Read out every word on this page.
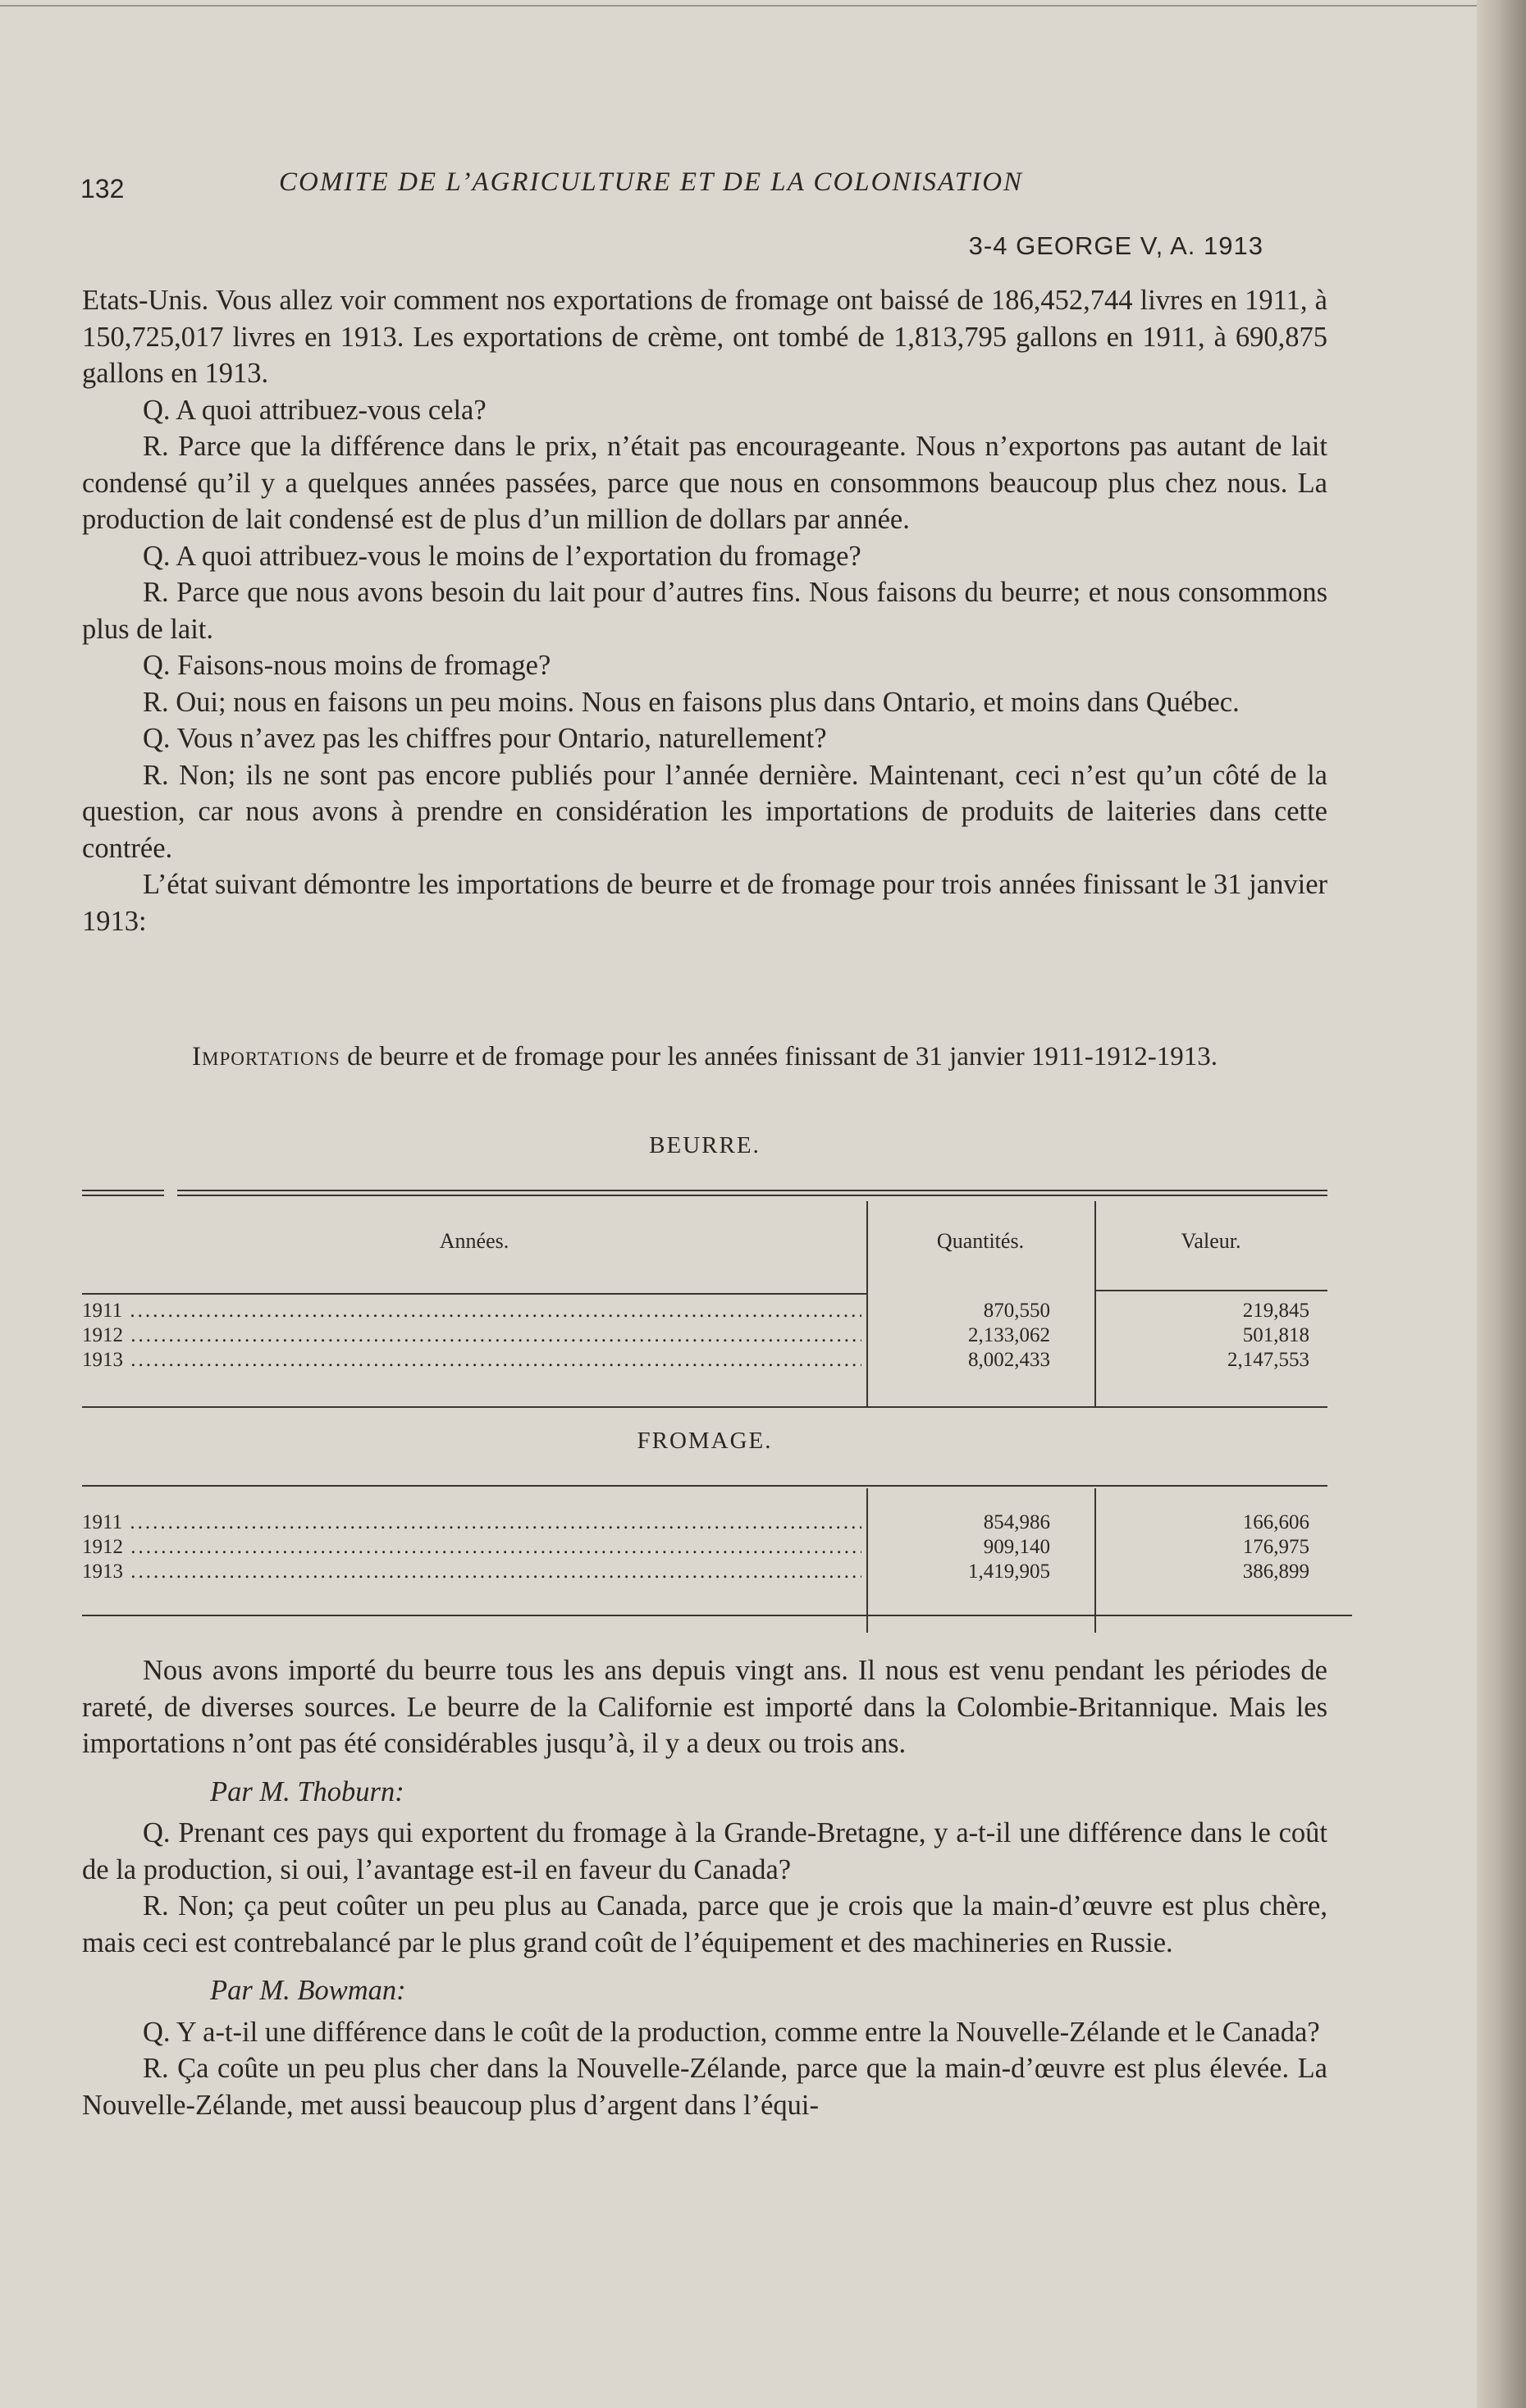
132	COMITE DE L’AGRICULTURE ET DE LA COLONISATION
3-4 GEORGE V, A. 1913

Etats-Unis. Vous allez voir comment nos exportations de fromage ont baissé de 186,452,744 livres en 1911, à 150,725,017 livres en 1913. Les exportations de crème, ont tombé de 1,813,795 gallons en 1911, à 690,875 gallons en 1913.

Q. A quoi attribuez-vous cela?

R. Parce que la différence dans le prix, n’était pas encourageante. Nous n’exportons pas autant de lait condensé qu’il y a quelques années passées, parce que nous en consommons beaucoup plus chez nous. La production de lait condensé est de plus d’un million de dollars par année.

Q. A quoi attribuez-vous le moins de l’exportation du fromage?

R. Parce que nous avons besoin du lait pour d’autres fins. Nous faisons du beurre; et nous consommons plus de lait.

Q. Faisons-nous moins de fromage?

R. Oui; nous en faisons un peu moins. Nous en faisons plus dans Ontario, et moins dans Québec.

Q. Vous n’avez pas les chiffres pour Ontario, naturellement?

R. Non; ils ne sont pas encore publiés pour l’année dernière. Maintenant, ceci n’est qu’un côté de la question, car nous avons à prendre en considération les importations de produits de laiteries dans cette contrée.

L’état suivant démontre les importations de beurre et de fromage pour trois années finissant le 31 janvier 1913:

Importations de beurre et de fromage pour les années finissant de 31 janvier 1911-1912-1913.
BEURRE.
Années.	Quantités.	Valeur.
1911 .....	870,550	219,845
1912 .....	2,133,062	501,818
1913 .....	8,002,433	2,147,553
FROMAGE.
1911 .....	854,986	166,606
1912 .....	909,140	176,975
1913 .....	1,419,905	386,899

Nous avons importé du beurre tous les ans depuis vingt ans. Il nous est venu pendant les périodes de rareté, de diverses sources. Le beurre de la Californie est importé dans la Colombie-Britannique. Mais les importations n’ont pas été considérables jusqu’à, il y a deux ou trois ans.

Par M. Thoburn:

Q. Prenant ces pays qui exportent du fromage à la Grande-Bretagne, y a-t-il une différence dans le coût de la production, si oui, l’avantage est-il en faveur du Canada?

R. Non; ça peut coûter un peu plus au Canada, parce que je crois que la main-d’œuvre est plus chère, mais ceci est contrebalancé par le plus grand coût de l’équipement et des machineries en Russie.

Par M. Bowman:

Q. Y a-t-il une différence dans le coût de la production, comme entre la Nouvelle-Zélande et le Canada?

R. Ça coûte un peu plus cher dans la Nouvelle-Zélande, parce que la main-d’œuvre est plus élevée. La Nouvelle-Zélande, met aussi beaucoup plus d’argent dans l’équi-
